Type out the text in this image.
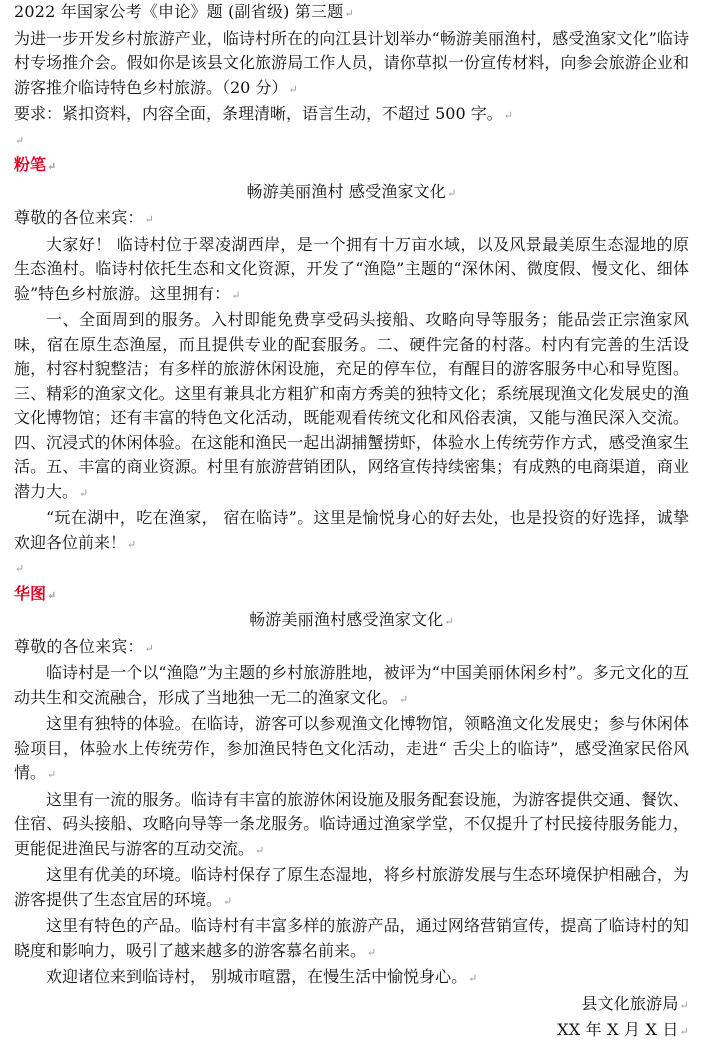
2022 年国家公考《申论》题 (副省级) 第三题↵
为进一步开发乡村旅游产业，临诗村所在的向江县计划举办“畅游美丽渔村，感受渔家文化”临诗村专场推介会。假如你是该县文化旅游局工作人员，请你草拟一份宣传材料，向参会旅游企业和游客推介临诗特色乡村旅游。（20 分）↵
要求：紧扣资料，内容全面，条理清晰，语言生动，不超过 500 字。↵
↵
粉笔↵
畅游美丽渔村 感受渔家文化↵
尊敬的各位来宾：↵
大家好！ 临诗村位于翠凌湖西岸，是一个拥有十万亩水域，以及风景最美原生态湿地的原生态渔村。临诗村依托生态和文化资源，开发了“渔隐”主题的“深休闲、微度假、慢文化、细体验”特色乡村旅游。这里拥有：↵
一、全面周到的服务。入村即能免费享受码头接船、攻略向导等服务；能品尝正宗渔家风味，宿在原生态渔屋，而且提供专业的配套服务。二、硬件完备的村落。村内有完善的生活设施，村容村貌整洁；有多样的旅游休闲设施，充足的停车位，有醒目的游客服务中心和导览图。三、精彩的渔家文化。这里有兼具北方粗犷和南方秀美的独特文化；系统展现渔文化发展史的渔文化博物馆；还有丰富的特色文化活动，既能观看传统文化和风俗表演，又能与渔民深入交流。四、沉浸式的休闲体验。在这能和渔民一起出湖捕蟹捞虾，体验水上传统劳作方式，感受渔家生活。五、丰富的商业资源。村里有旅游营销团队，网络宣传持续密集；有成熟的电商渠道，商业潜力大。↵
“玩在湖中，吃在渔家， 宿在临诗”。这里是愉悦身心的好去处，也是投资的好选择，诚挚欢迎各位前来！↵
↵
华图↵
畅游美丽渔村感受渔家文化↵
尊敬的各位来宾：↵
临诗村是一个以“渔隐”为主题的乡村旅游胜地，被评为“中国美丽休闲乡村”。多元文化的互动共生和交流融合，形成了当地独一无二的渔家文化。↵
这里有独特的体验。在临诗，游客可以参观渔文化博物馆，领略渔文化发展史；参与休闲体验项目，体验水上传统劳作，参加渔民特色文化活动，走进“ 舌尖上的临诗”，感受渔家民俗风情。↵
这里有一流的服务。临诗有丰富的旅游休闲设施及服务配套设施，为游客提供交通、餐饮、住宿、码头接船、攻略向导等一条龙服务。临诗通过渔家学堂，不仅提升了村民接待服务能力，更能促进渔民与游客的互动交流。↵
这里有优美的环境。临诗村保存了原生态湿地，将乡村旅游发展与生态环境保护相融合，为游客提供了生态宜居的环境。↵
这里有特色的产品。临诗村有丰富多样的旅游产品，通过网络营销宣传，提高了临诗村的知晓度和影响力，吸引了越来越多的游客慕名前来。↵
欢迎诸位来到临诗村， 别城市喧嚣，在慢生活中愉悦身心。↵
县文化旅游局↵
XX 年 X 月 X 日↵
